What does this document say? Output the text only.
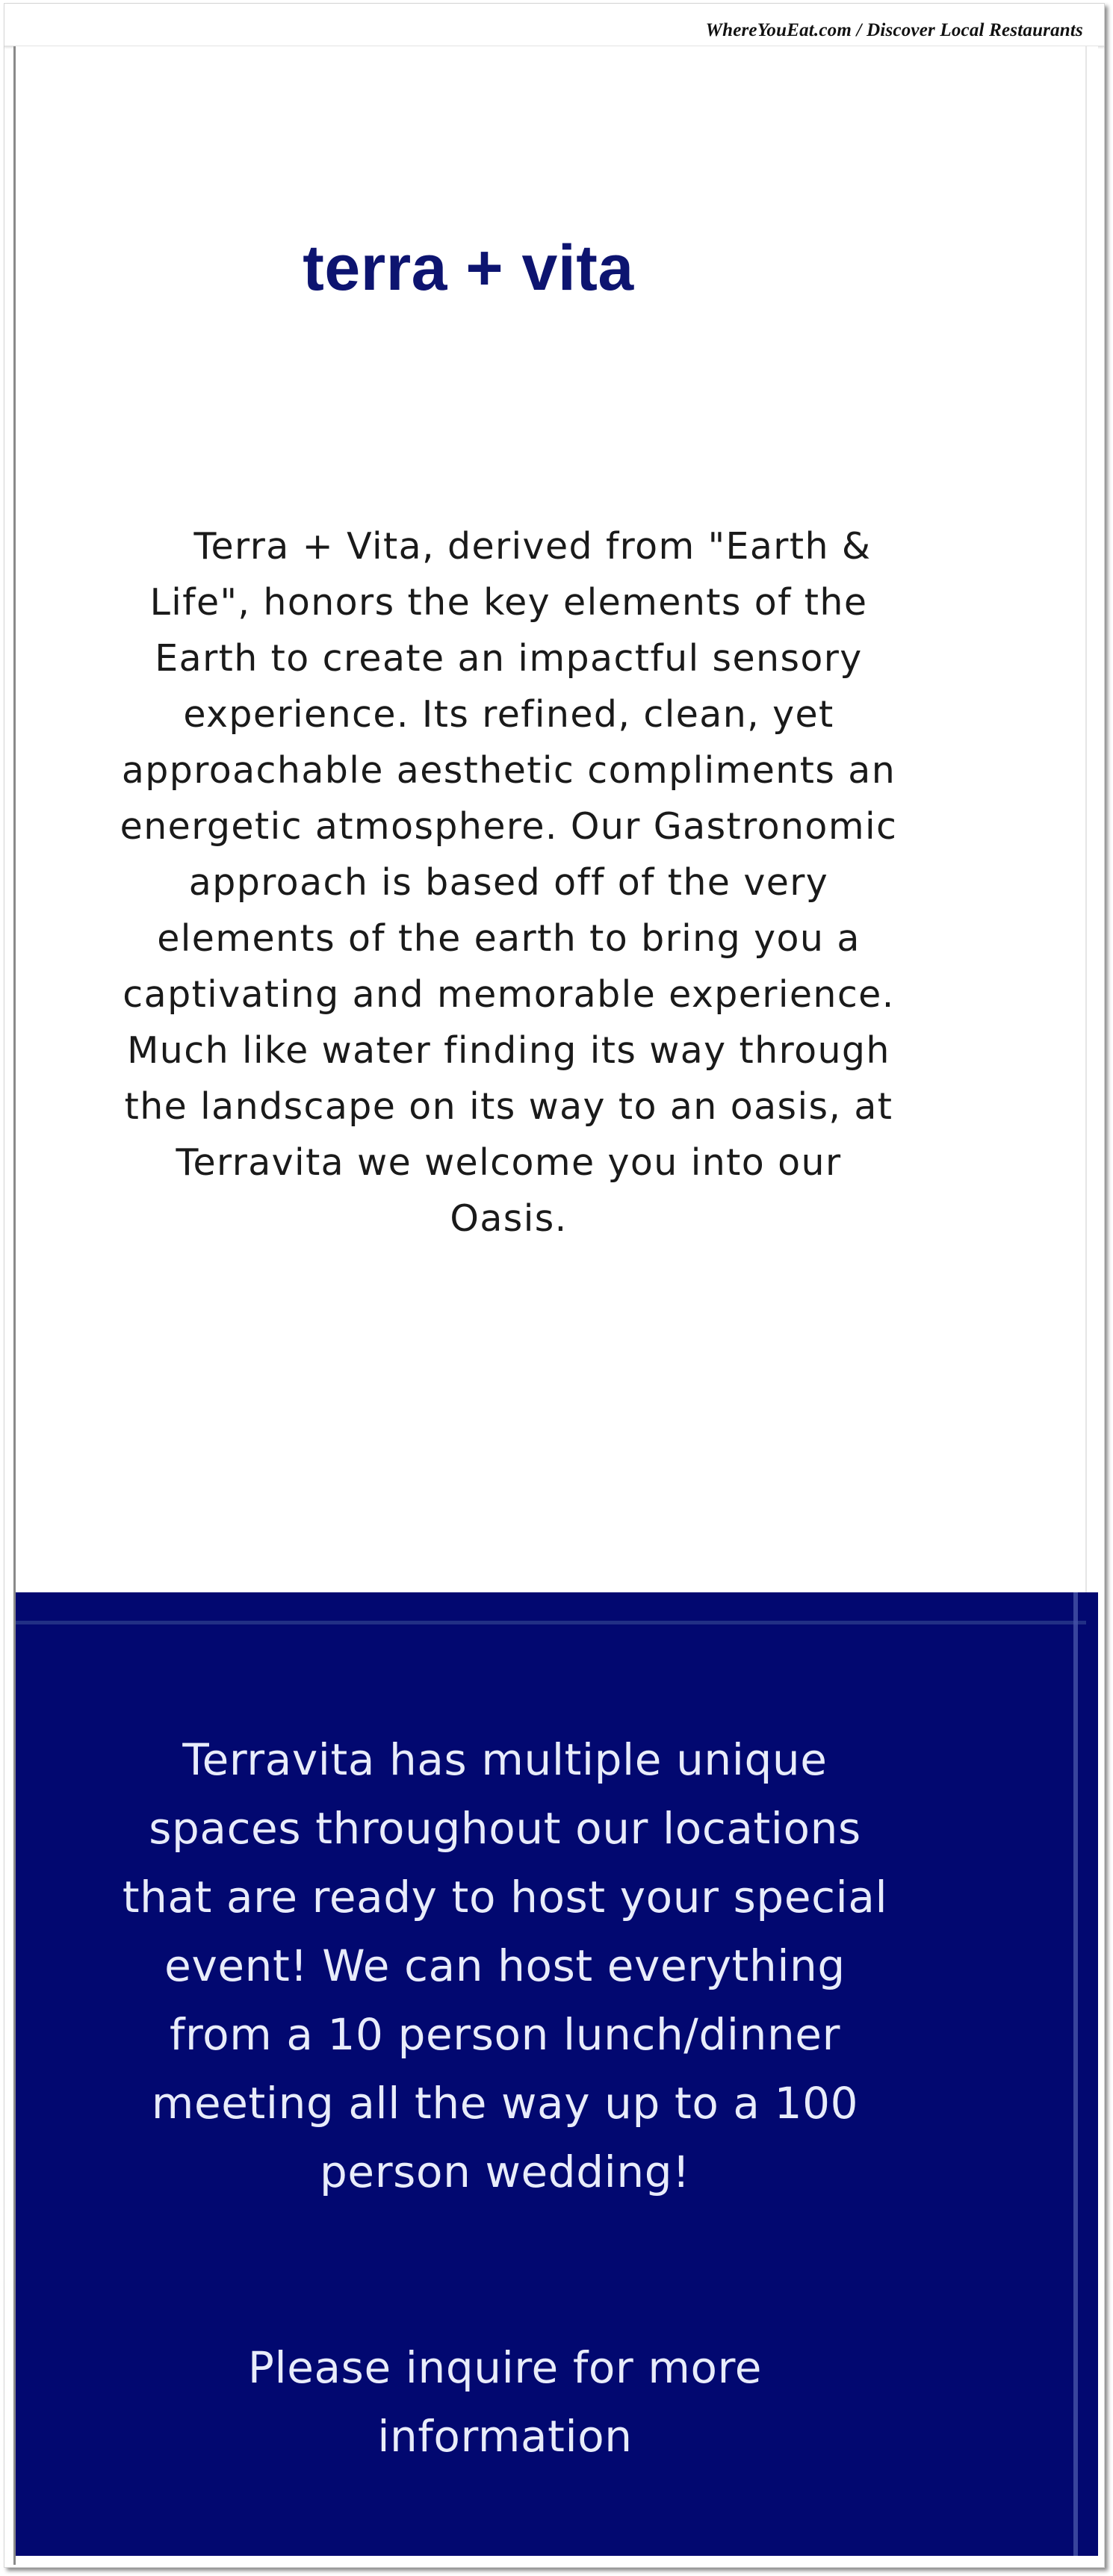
WhereYouEat.com / Discover Local Restaurants
terra + vita

Terra + Vita, derived from "Earth &
Life", honors the key elements of the
Earth to create an impactful sensory
experience. Its refined, clean, yet
approachable aesthetic compliments an
energetic atmosphere. Our Gastronomic
approach is based off of the very
elements of the earth to bring you a
captivating and memorable experience.
Much like water finding its way through
the landscape on its way to an oasis, at
Terravita we welcome you into our
Oasis.

Terravita has multiple unique
spaces throughout our locations
that are ready to host your special
event! We can host everything
from a 10 person lunch/dinner
meeting all the way up to a 100
person wedding!

Please inquire for more
information
